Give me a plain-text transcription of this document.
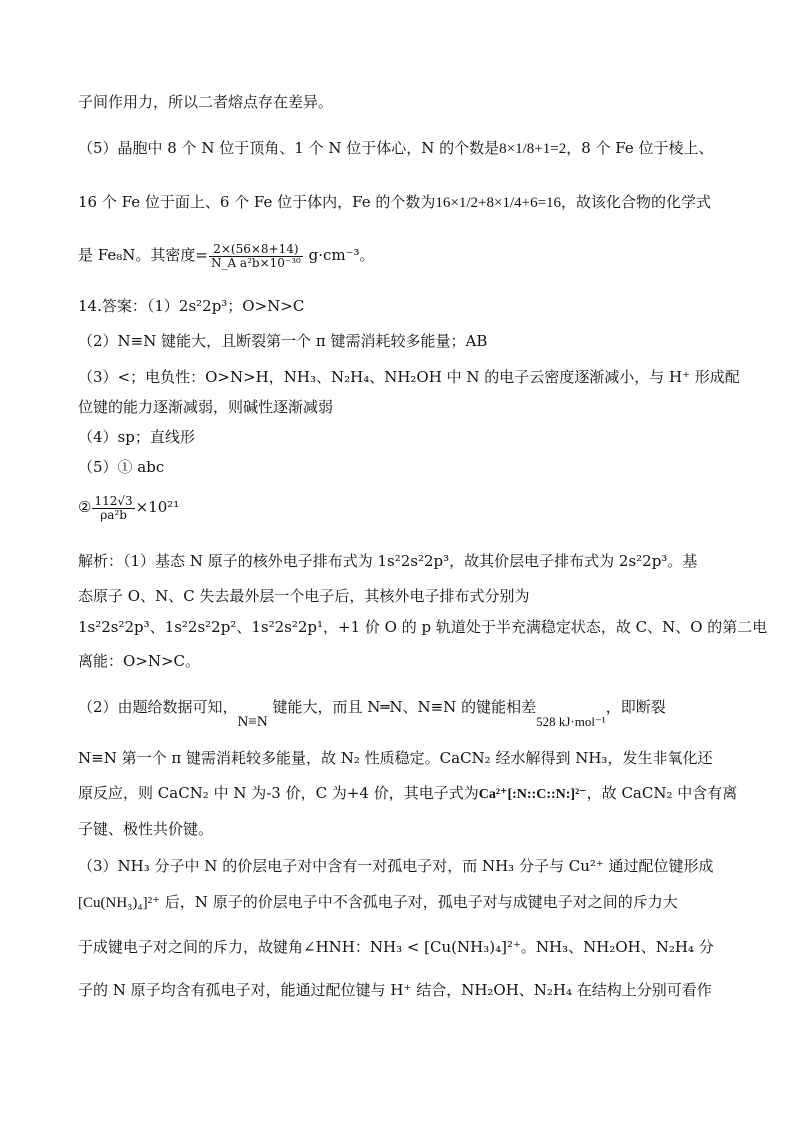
子间作用力，所以二者熔点存在差异。
（5）晶胞中 8 个 N 位于顶角、1 个 N 位于体心，N 的个数是8×1/8+1=2，8 个 Fe 位于棱上、
16 个 Fe 位于面上、6 个 Fe 位于体内，Fe 的个数为16×1/2+8×1/4+6=16，故该化合物的化学式
是 Fe₈N。其密度= $\frac{2\times(56\times 8+14)}{\text{N\_A a²b×10⁻³⁰}} g\cdot cm^{-3}$。
14.答案：（1）2s²2p³；O>N>C
（2）N≡N 键能大，且断裂第一个 π 键需消耗较多能量；AB
（3）<；电负性：O>N>H，NH₃、N₂H₄、NH₂OH 中 N 的电子云密度逐渐减小，与 H⁺ 形成配
位键的能力逐渐减弱，则碱性逐渐减弱
（4）sp；直线形
（5）① abc
② $\frac{112√3}{\text{ρa²b}} \times 10^{21}$
解析：（1）基态 N 原子的核外电子排布式为 1s²2s²2p³，故其价层电子排布式为 2s²2p³。基
态原子 O、N、C 失去最外层一个电子后，其核外电子排布式分别为
1s²2s²2p³、1s²2s²2p²、1s²2s²2p¹，+1 价 O 的 p 轨道处于半充满稳定状态，故 C、N、O 的第二电
离能：O>N>C。
（2）由题给数据可知，N≡N 键能大，而且 N═N、N≡N 的键能相差528 kJ·mol⁻¹，即断裂
N≡N 第一个 π 键需消耗较多能量，故 N₂ 性质稳定。CaCN₂ 经水解得到 NH₃，发生非氧化还
原反应，则 CaCN₂ 中 N 为-3 价，C 为+4 价，其电子式为Ca²⁺[:N::C::N:]²⁻，故 CaCN₂ 中含有离
子键、极性共价键。
（3）NH₃ 分子中 N 的价层电子对中含有一对孤电子对，而 NH₃ 分子与 Cu²⁺ 通过配位键形成
[Cu(NH₃)₄]²⁺ 后，N 原子的价层电子中不含孤电子对，孤电子对与成键电子对之间的斥力大
于成键电子对之间的斥力，故键角∠HNH：NH₃ < [Cu(NH₃)₄]²⁺。NH₃、NH₂OH、N₂H₄ 分
子的 N 原子均含有孤电子对，能通过配位键与 H⁺ 结合，NH₂OH、N₂H₄ 在结构上分别可看作
